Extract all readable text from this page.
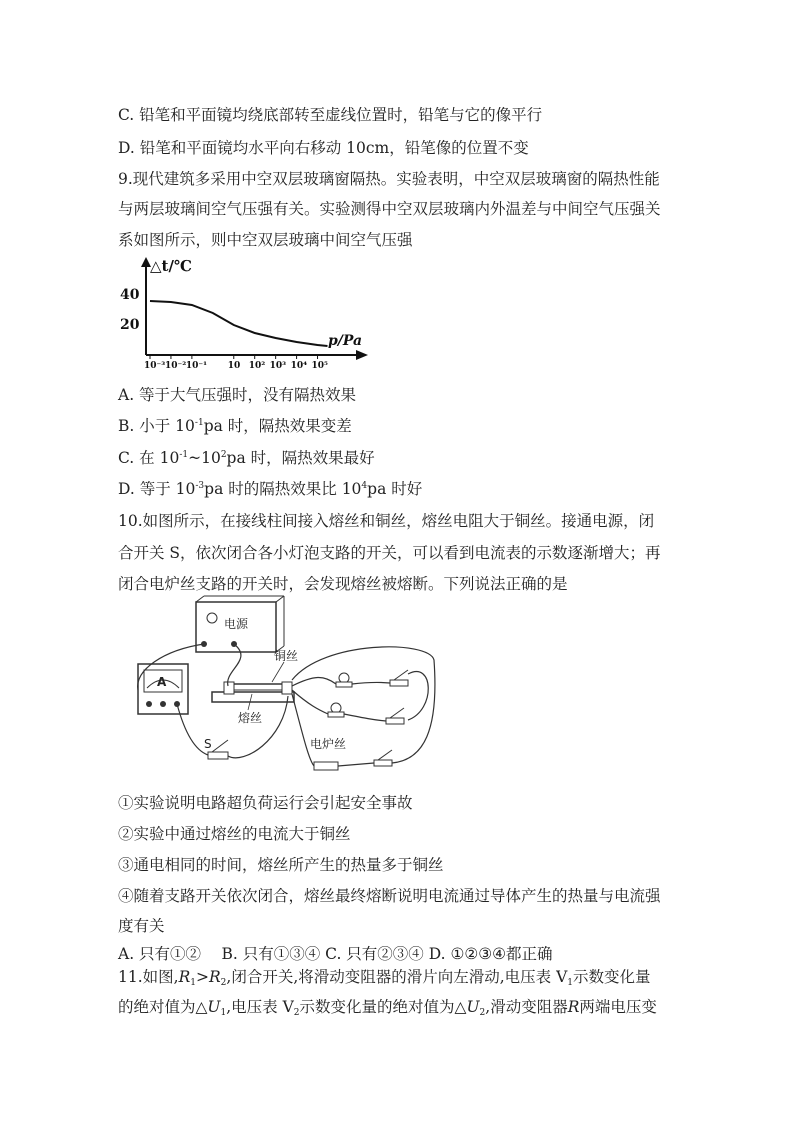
C. 铅笔和平面镜均绕底部转至虚线位置时，铅笔与它的像平行
D. 铅笔和平面镜均水平向右移动 10cm，铅笔像的位置不变
9.现代建筑多采用中空双层玻璃窗隔热。实验表明，中空双层玻璃窗的隔热性能
与两层玻璃间空气压强有关。实验测得中空双层玻璃内外温差与中间空气压强关
系如图所示，则中空双层玻璃中间空气压强
△t/℃
p/Pa
40
20
10⁻³ 10⁻² 10⁻¹ 10 10² 10³ 10⁴ 10⁵
A. 等于大气压强时，没有隔热效果
B. 小于 $10^{-1}pa$ 时，隔热效果变差
C. 在 $10^{-1}\sim 10^2pa$ 时，隔热效果最好
D. 等于 $10^{-3}pa$ 时的隔热效果比 $10^4pa$ 时好
10.如图所示，在接线柱间接入熔丝和铜丝，熔丝电阻大于铜丝。接通电源，闭
合开关 S，依次闭合各小灯泡支路的开关，可以看到电流表的示数逐渐增大；再
闭合电炉丝支路的开关时，会发现熔丝被熔断。下列说法正确的是
电源
A
铜丝
熔丝
电炉丝
S
①实验说明电路超负荷运行会引起安全事故
②实验中通过熔丝的电流大于铜丝
③通电相同的时间，熔丝所产生的热量多于铜丝
④随着支路开关依次闭合，熔丝最终熔断说明电流通过导体产生的热量与电流强
度有关
A. 只有①②　 B. 只有①③④ C. 只有②③④ D. ①②③④都正确
11.如图$,R_1>R_2$,闭合开关,将滑动变阻器的滑片向左滑动,电压表 $V_1$示数变化量
的绝对值为$\triangle U_1$,电压表 $V_2$示数变化量的绝对值为$\triangle U_2$,滑动变阻器R两端电压变
